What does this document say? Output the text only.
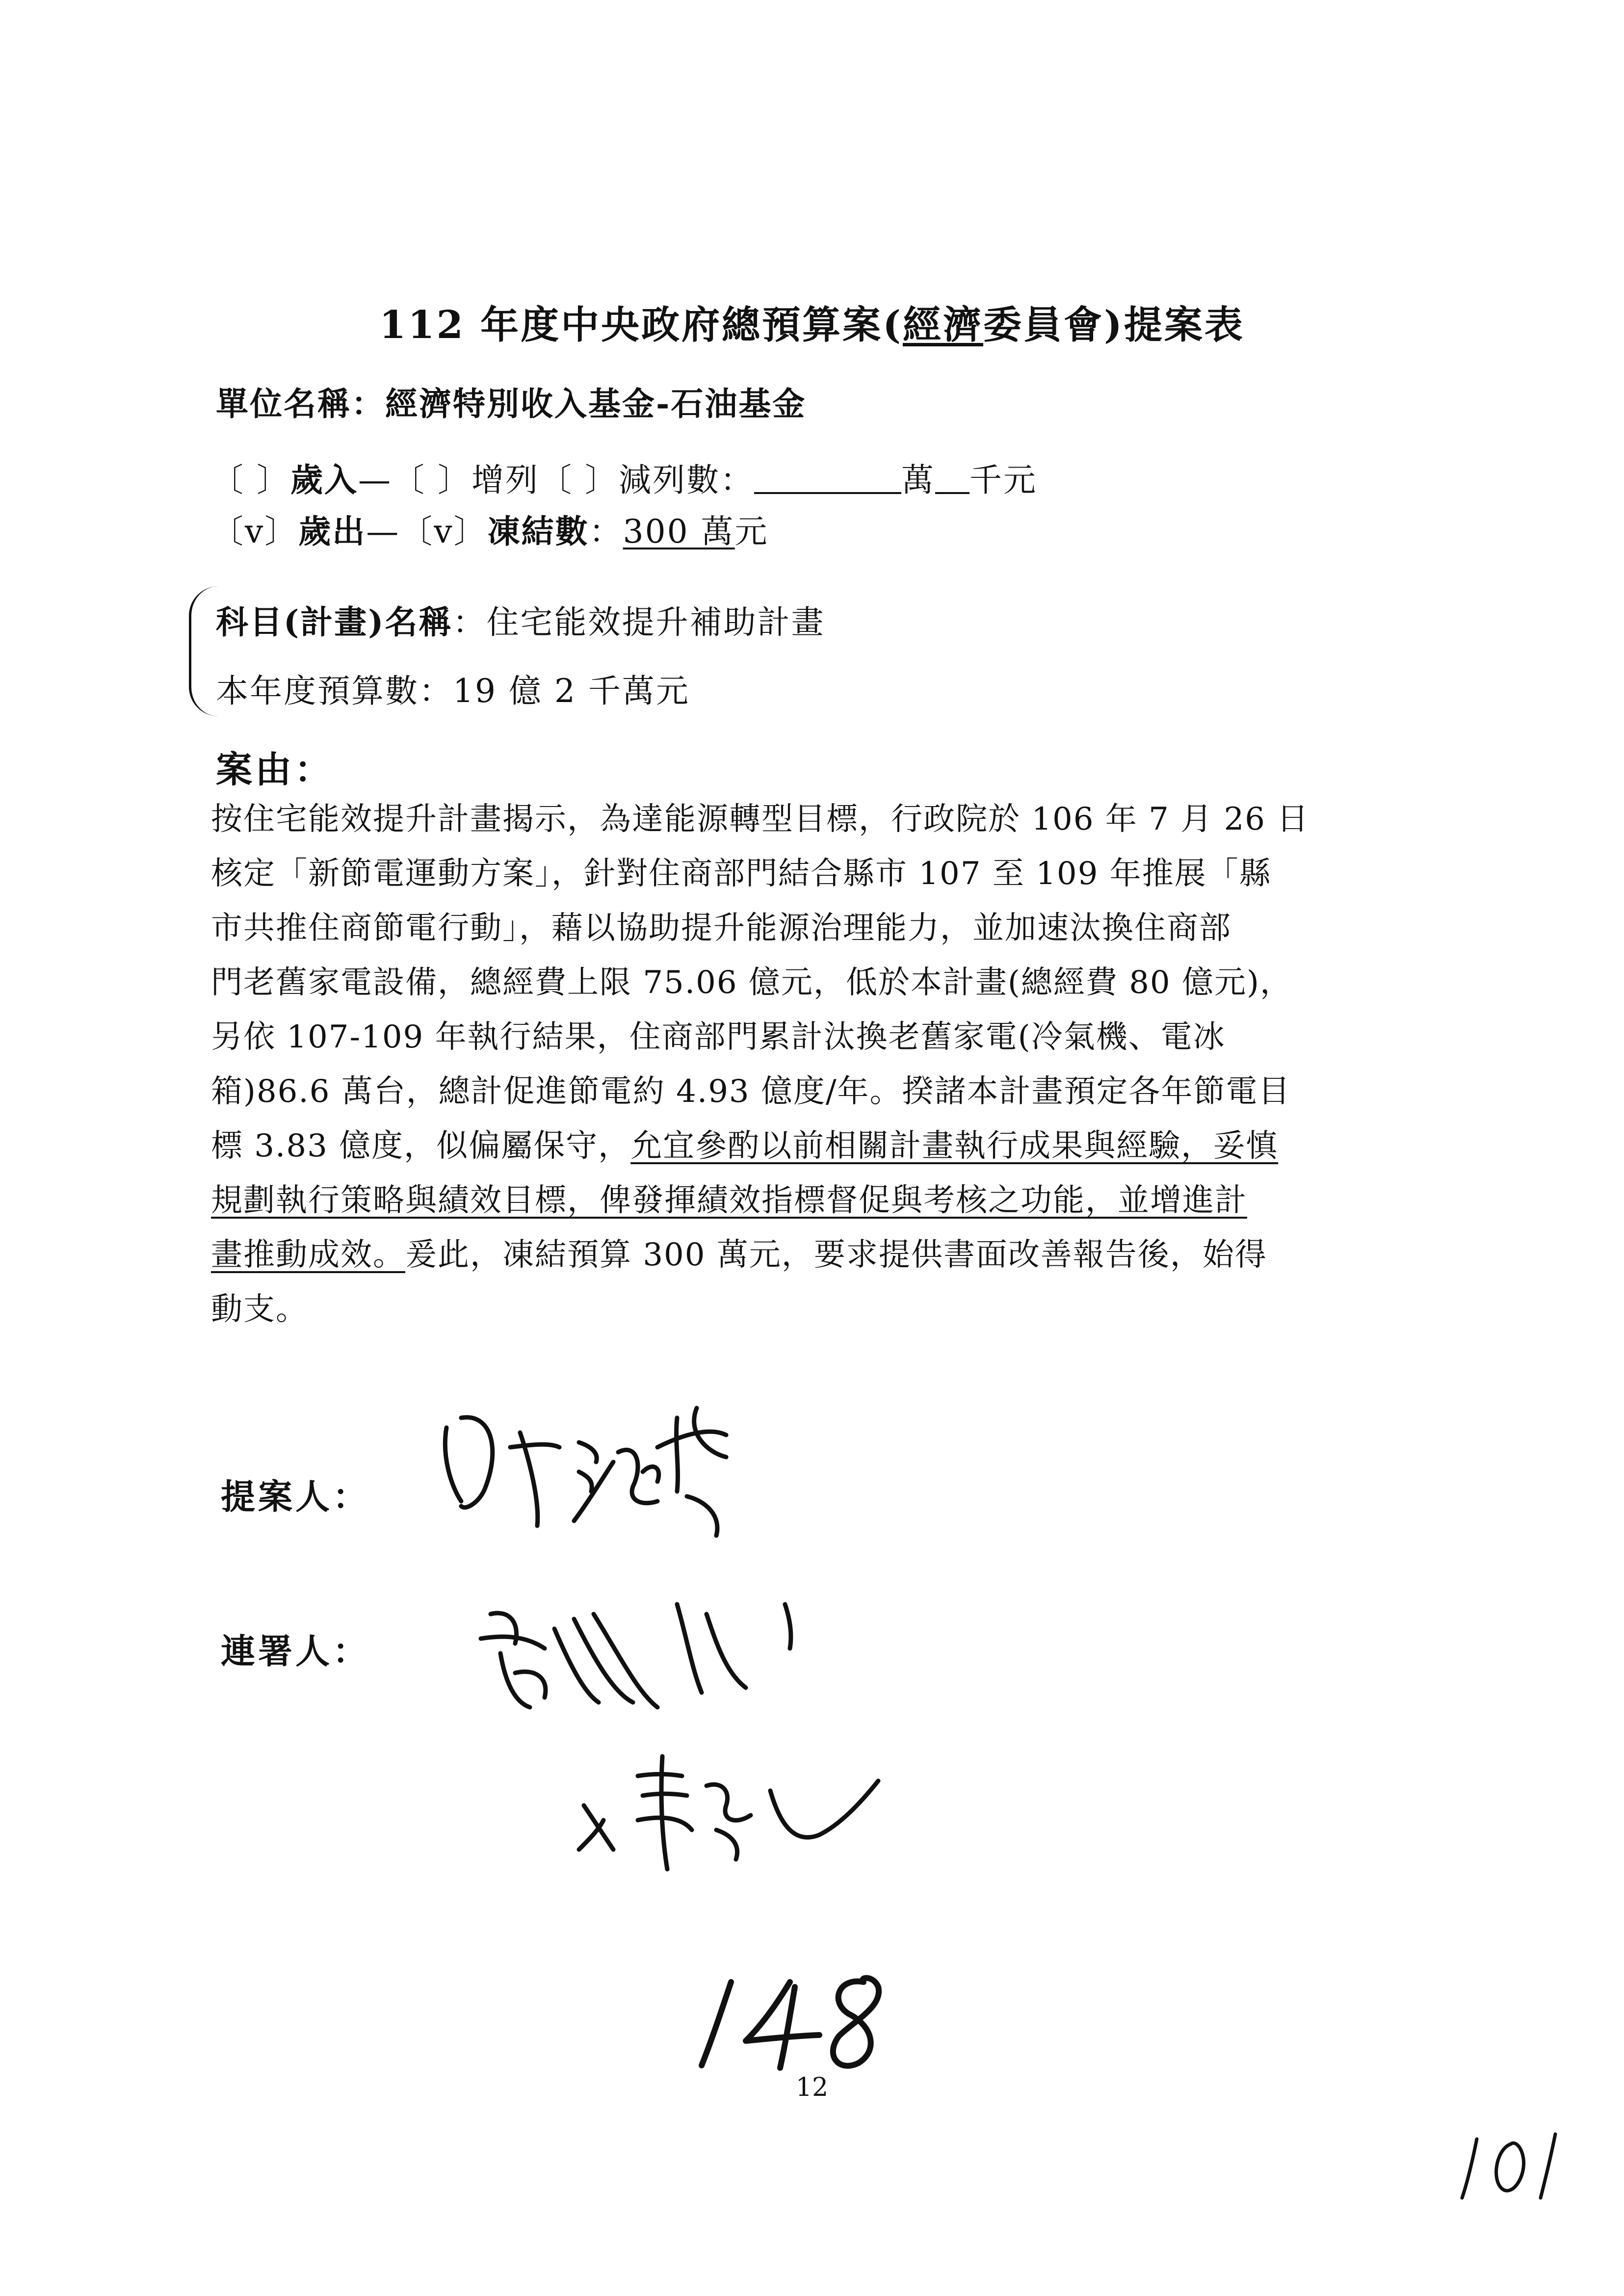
112 年度中央政府總預算案(經濟委員會)提案表
單位名稱：經濟特別收入基金-石油基金
〔 〕歲入—〔 〕增列〔 〕減列數：	萬 千元
〔v〕歲出—〔v〕凍結數：300 萬元
科目(計畫)名稱：住宅能效提升補助計畫
本年度預算數：19 億 2 千萬元
案由：
按住宅能效提升計畫揭示，為達能源轉型目標，行政院於 106 年 7 月 26 日
核定「新節電運動方案」，針對住商部門結合縣市 107 至 109 年推展「縣
市共推住商節電行動」，藉以協助提升能源治理能力，並加速汰換住商部
門老舊家電設備，總經費上限 75.06 億元，低於本計畫(總經費 80 億元)，
另依 107-109 年執行結果，住商部門累計汰換老舊家電(冷氣機、電冰
箱)86.6 萬台，總計促進節電約 4.93 億度/年。揆諸本計畫預定各年節電目
標 3.83 億度，似偏屬保守，允宜參酌以前相關計畫執行成果與經驗，妥慎
規劃執行策略與績效目標，俾發揮績效指標督促與考核之功能，並增進計
畫推動成效。爰此，凍結預算 300 萬元，要求提供書面改善報告後，始得
動支。
提案人：
連署人：
12
